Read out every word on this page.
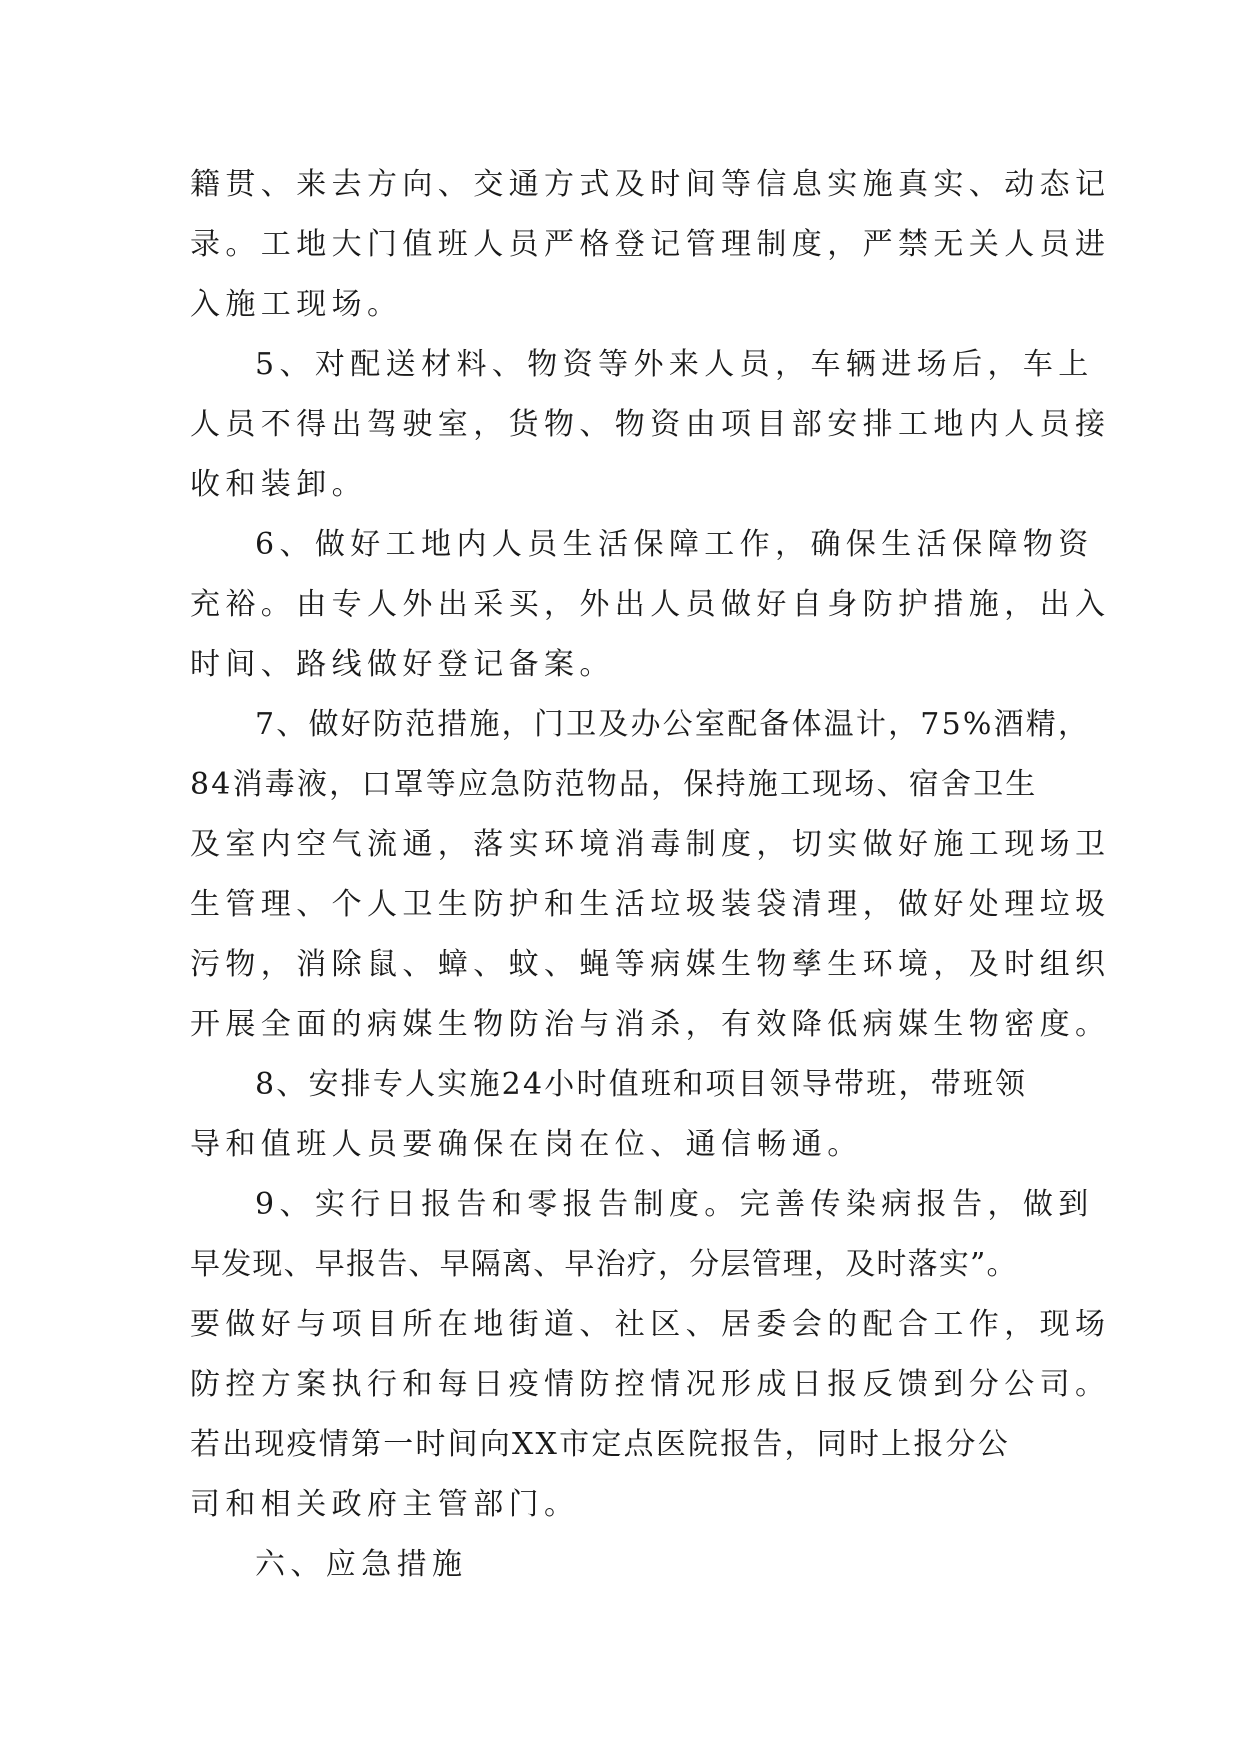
籍贯、来去方向、交通方式及时间等信息实施真实、动态记
录。工地大门值班人员严格登记管理制度，严禁无关人员进
入施工现场。
5、对配送材料、物资等外来人员，车辆进场后，车上
人员不得出驾驶室，货物、物资由项目部安排工地内人员接
收和装卸。
6、做好工地内人员生活保障工作，确保生活保障物资
充裕。由专人外出采买，外出人员做好自身防护措施，出入
时间、路线做好登记备案。
7、做好防范措施，门卫及办公室配备体温计，75%酒精，
84消毒液，口罩等应急防范物品，保持施工现场、宿舍卫生
及室内空气流通，落实环境消毒制度，切实做好施工现场卫
生管理、个人卫生防护和生活垃圾装袋清理，做好处理垃圾
污物，消除鼠、蟑、蚊、蝇等病媒生物孳生环境，及时组织
开展全面的病媒生物防治与消杀，有效降低病媒生物密度。
8、安排专人实施24小时值班和项目领导带班，带班领
导和值班人员要确保在岗在位、通信畅通。
9、实行日报告和零报告制度。完善传染病报告，做到
早发现、早报告、早隔离、早治疗，分层管理，及时落实”。
要做好与项目所在地街道、社区、居委会的配合工作，现场
防控方案执行和每日疫情防控情况形成日报反馈到分公司。
若出现疫情第一时间向XX市定点医院报告，同时上报分公
司和相关政府主管部门。
六、应急措施
